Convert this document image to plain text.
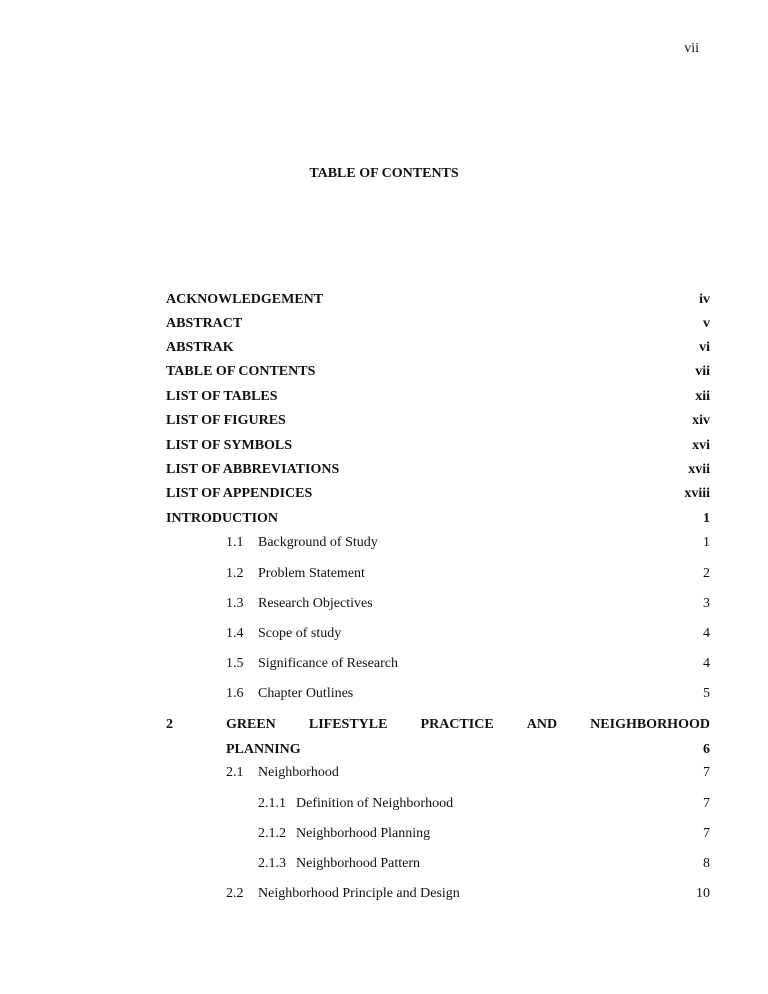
vii
TABLE OF CONTENTS
ACKNOWLEDGEMENT	iv
ABSTRACT	v
ABSTRAK	vi
TABLE OF CONTENTS	vii
LIST OF TABLES	xii
LIST OF FIGURES	xiv
LIST OF SYMBOLS	xvi
LIST OF ABBREVIATIONS	xvii
LIST OF APPENDICES	xviii
INTRODUCTION	1
1.1 Background of Study	1
1.2 Problem Statement	2
1.3 Research Objectives	3
1.4 Scope of study	4
1.5 Significance of Research	4
1.6 Chapter Outlines	5
2	GREEN LIFESTYLE PRACTICE AND NEIGHBORHOOD
PLANNING	6
2.1 Neighborhood	7
2.1.1 Definition of Neighborhood	7
2.1.2 Neighborhood Planning	7
2.1.3 Neighborhood Pattern	8
2.2 Neighborhood Principle and Design	10
